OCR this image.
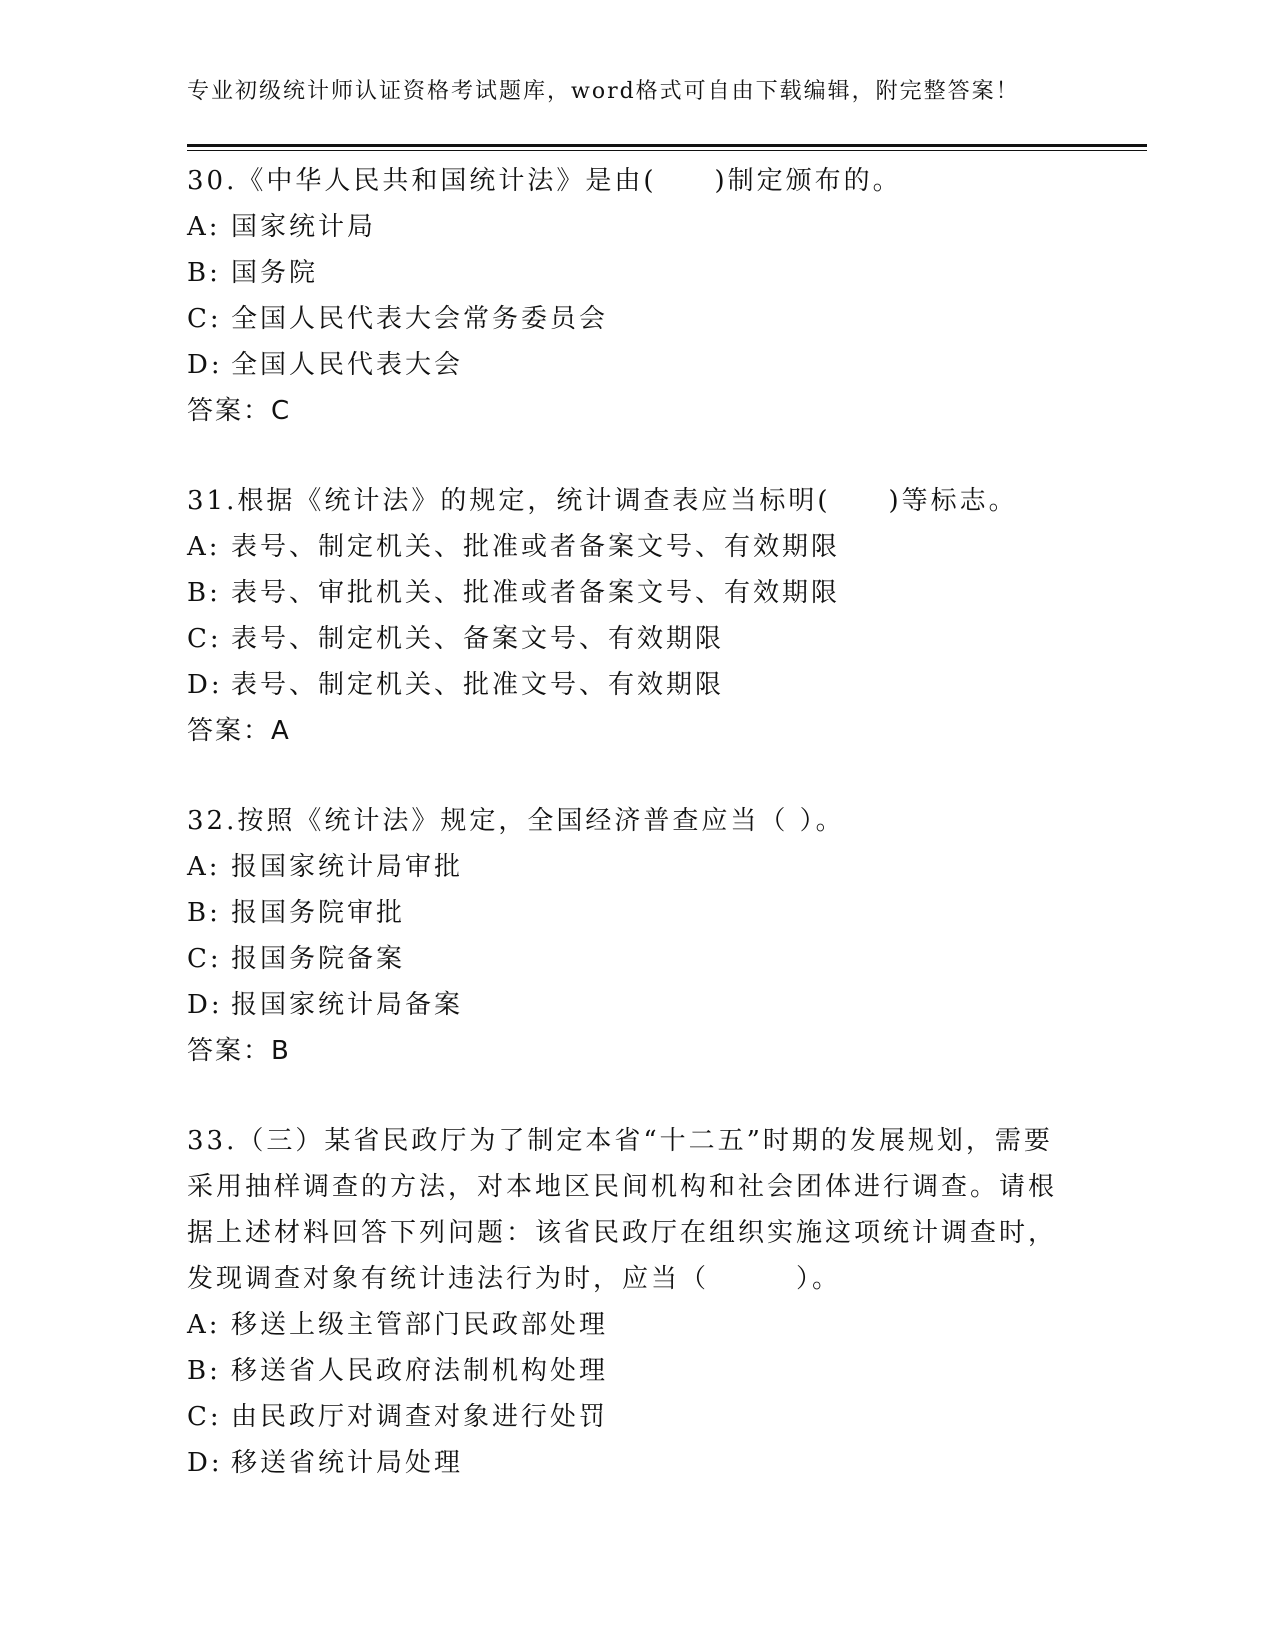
专业初级统计师认证资格考试题库，word格式可自由下载编辑，附完整答案！

30.《中华人民共和国统计法》是由(　　)制定颁布的。

A: 国家统计局
B: 国务院
C: 全国人民代表大会常务委员会
D: 全国人民代表大会
答案：C

31.根据《统计法》的规定，统计调查表应当标明(　　)等标志。

A: 表号、制定机关、批准或者备案文号、有效期限
B: 表号、审批机关、批准或者备案文号、有效期限
C: 表号、制定机关、备案文号、有效期限
D: 表号、制定机关、批准文号、有效期限
答案：A

32.按照《统计法》规定，全国经济普查应当（ ）。

A: 报国家统计局审批
B: 报国务院审批
C: 报国务院备案
D: 报国家统计局备案
答案：B

33.（三）某省民政厅为了制定本省“十二五”时期的发展规划，需要

采用抽样调查的方法，对本地区民间机构和社会团体进行调查。请根

据上述材料回答下列问题：该省民政厅在组织实施这项统计调查时，

发现调查对象有统计违法行为时，应当（　　　）。

A: 移送上级主管部门民政部处理
B: 移送省人民政府法制机构处理
C: 由民政厅对调查对象进行处罚
D: 移送省统计局处理
